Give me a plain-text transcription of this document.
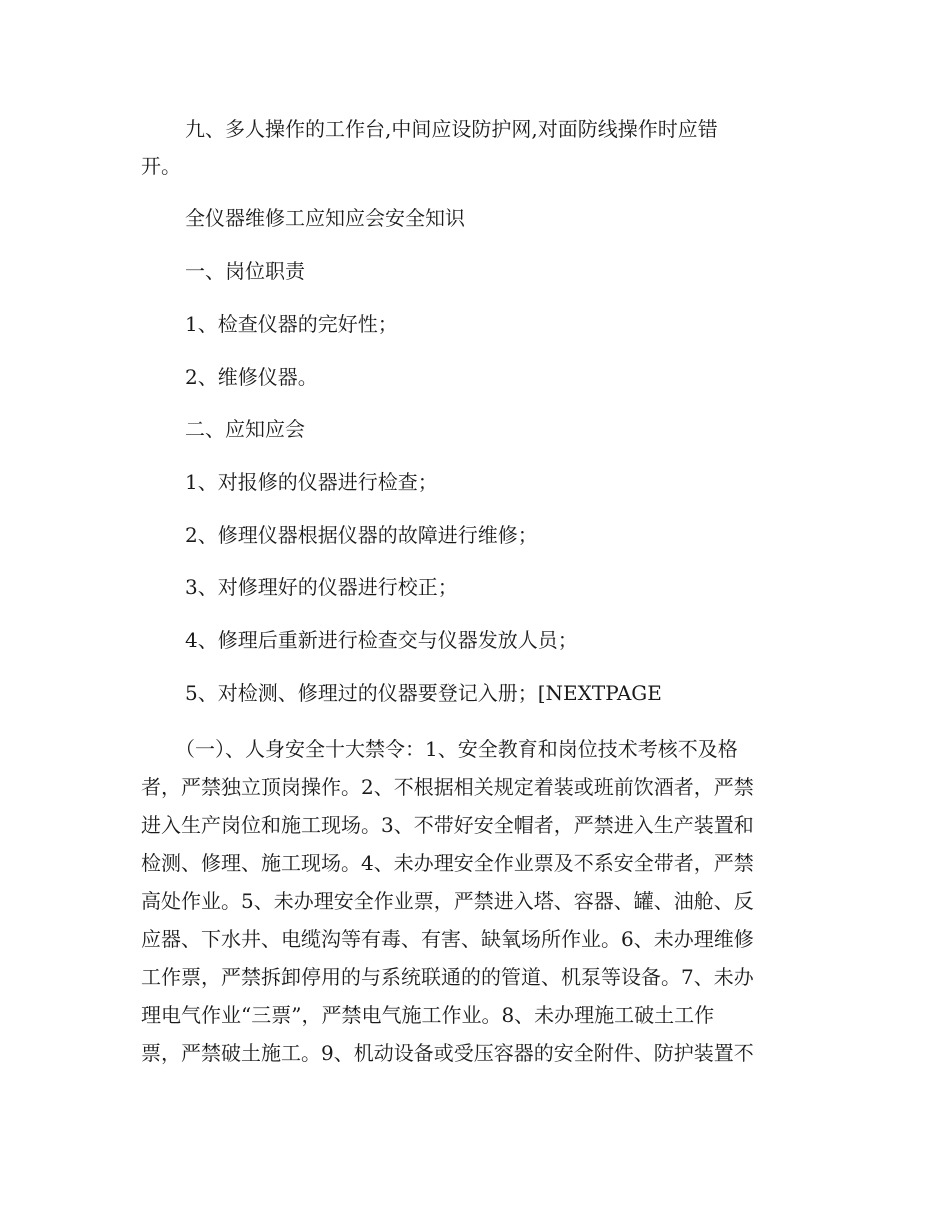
九、多人操作的工作台,中间应设防护网,对面防线操作时应错

开。

全仪器维修工应知应会安全知识

一、岗位职责

1、检查仪器的完好性；

2、维修仪器。

二、应知应会

1、对报修的仪器进行检查；

2、修理仪器根据仪器的故障进行维修；

3、对修理好的仪器进行校正；

4、修理后重新进行检查交与仪器发放人员；

5、对检测、修理过的仪器要登记入册；[NEXTPAGE

（一）、人身安全十大禁令：1、安全教育和岗位技术考核不及格
者，严禁独立顶岗操作。2、不根据相关规定着装或班前饮酒者，严禁
进入生产岗位和施工现场。3、不带好安全帽者，严禁进入生产装置和
检测、修理、施工现场。4、未办理安全作业票及不系安全带者，严禁
高处作业。5、未办理安全作业票，严禁进入塔、容器、罐、油舱、反
应器、下水井、电缆沟等有毒、有害、缺氧场所作业。6、未办理维修
工作票，严禁拆卸停用的与系统联通的的管道、机泵等设备。7、未办
理电气作业“三票”，严禁电气施工作业。8、未办理施工破土工作
票，严禁破土施工。9、机动设备或受压容器的安全附件、防护装置不
